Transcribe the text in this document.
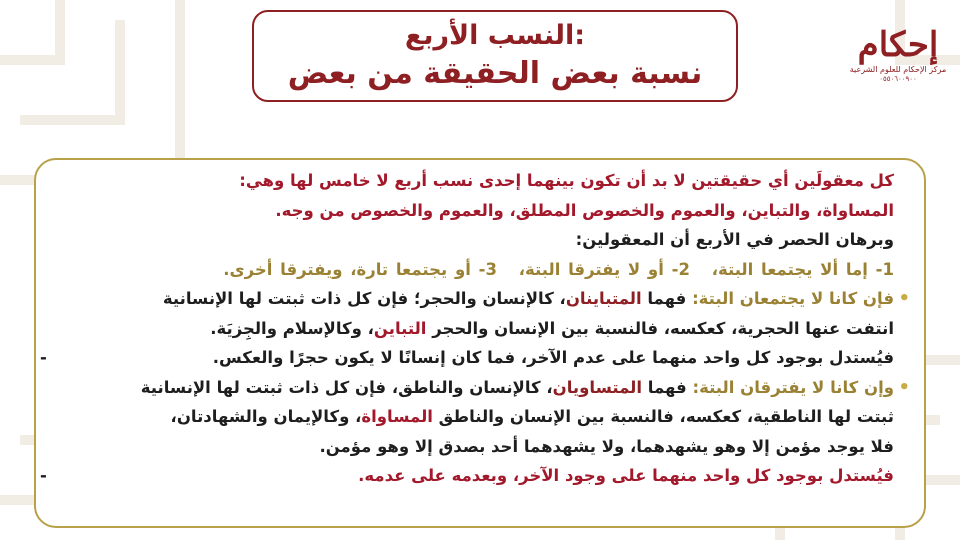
النسب الأربع:
نسبة بعض الحقيقة من بعض
إحكام
مركز الإحكام للعلوم الشرعية
٠٥٥٠٦٠٠٩٠٠
كل معقولَين أي حقيقتين لا بد أن تكون بينهما إحدى نسب أربع لا خامس لها وهي:
المساواة، والتباين، والعموم والخصوص المطلق، والعموم والخصوص من وجه.
وبرهان الحصر في الأربع أن المعقولين:
1- إما ألا يجتمعا البتة، 2- أو لا يفترقا البتة، 3- أو يجتمعا تارة، ويفترقا أخرى.
• فإن كانا لا يجتمعان البتة: فهما المتباينان، كالإنسان والحجر؛ فإن كل ذات ثبتت لها الإنسانية
انتفت عنها الحجرية، كعكسه، فالنسبة بين الإنسان والحجر التباين، وكالإسلام والجِزيَة.
- فيُستدل بوجود كل واحد منهما على عدم الآخر، فما كان إنسانًا لا يكون حجرًا والعكس.
• وإن كانا لا يفترقان البتة: فهما المتساويان، كالإنسان والناطق، فإن كل ذات ثبتت لها الإنسانية
ثبتت لها الناطقية، كعكسه، فالنسبة بين الإنسان والناطق المساواة، وكالإيمان والشهادتان،
فلا يوجد مؤمن إلا وهو يشهدهما، ولا يشهدهما أحد بصدق إلا وهو مؤمن.
- فيُستدل بوجود كل واحد منهما على وجود الآخر، وبعدمه على عدمه.
